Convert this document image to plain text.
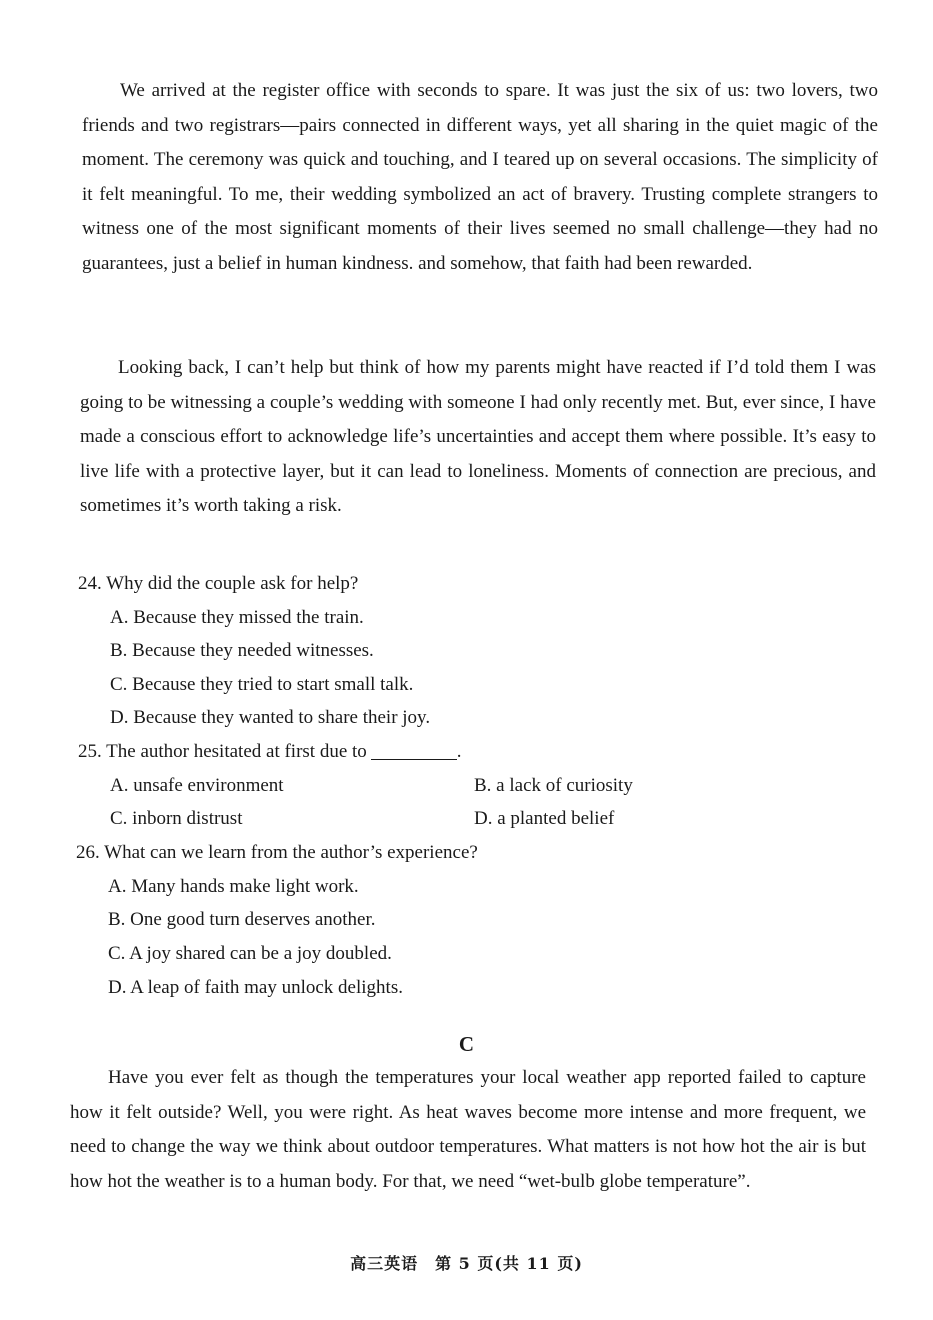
We arrived at the register office with seconds to spare. It was just the six of us: two lovers, two friends and two registrars—pairs connected in different ways, yet all sharing in the quiet magic of the moment. The ceremony was quick and touching, and I teared up on several occasions. The simplicity of it felt meaningful. To me, their wedding symbolized an act of bravery. Trusting complete strangers to witness one of the most significant moments of their lives seemed no small challenge—they had no guarantees, just a belief in human kindness. and somehow, that faith had been rewarded.

Looking back, I can’t help but think of how my parents might have reacted if I’d told them I was going to be witnessing a couple’s wedding with someone I had only recently met. But, ever since, I have made a conscious effort to acknowledge life’s uncertainties and accept them where possible. It’s easy to live life with a protective layer, but it can lead to loneliness. Moments of connection are precious, and sometimes it’s worth taking a risk.

24. Why did the couple ask for help?

A. Because they missed the train.

B. Because they needed witnesses.

C. Because they tried to start small talk.

D. Because they wanted to share their joy.

25. The author hesitated at first due to	.

A. unsafe environment	B. a lack of curiosity

C. inborn distrust	D. a planted belief

26. What can we learn from the author’s experience?

A. Many hands make light work.

B. One good turn deserves another.

C. A joy shared can be a joy doubled.

D. A leap of faith may unlock delights.

C

Have you ever felt as though the temperatures your local weather app reported failed to capture how it felt outside? Well, you were right. As heat waves become more intense and more frequent, we need to change the way we think about outdoor temperatures. What matters is not how hot the air is but how hot the weather is to a human body. For that, we need “wet-bulb globe temperature”.

高三英语　第 5 页(共 11 页)
